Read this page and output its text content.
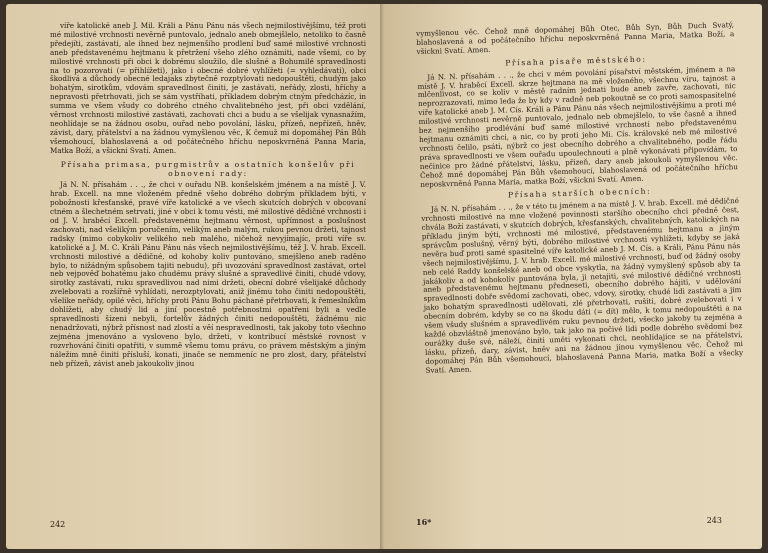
víře katolické aneb J. Mil. Králi a Pánu Pánu nás všech nejmilostivějšímu, též proti mé milostivé vrchnosti nevěrně puntovalo, jednalo aneb obmejšlelo, netoliko to časně předejíti, zastávati, ale ihned bez nejmenšího prodlení buď samé milostivé vrchnosti aneb představenému hejtmanu k přetržení všeho zlého oznámiti, nade všemi, co by milostivé vrchnosti při obci k dobrému sloužilo, dle slušné a Bohumilé spravedlnosti na to pozorovati (= přihlížeti), jako i obecné dobré vyhlížeti (= vyhledávati), obci škodlivá a důchody obecné ledajaks zbytečně rozptylovati nedopouštěti, chudým jako bohatým, sirotkům, vdovám spravedlnost činiti, je zastávati, neřády, zlosti, hříchy a nepravosti přetrhovati, jich se sám vystříhati, příkladem dobrým ctným předcházíc, in summa ve všem všudy co dobrého ctného chvalitebného jest, při obci vzdělání, věrnost vrchnosti milostivé zastávati, zachovati chci a budu a se všelijak vynasnažím, neohlídaje se na žádnou osobu, ouřad nebo povolání, lásku, přízeň, nepřízeň, hněv, závist, dary, přátelství a na žádnou vymyšlenou věc, K čemuž mi dopomáhej Pán Bůh všemohoucí, blahoslavená a od počátečného hříchu neposkvrněná Panna Maria, Matka Boží, a všickni Svatí. Amen.

Přísaha primasa, purgmistrův a ostatních konšelův při obnovení rady:

Já N. N. přísahám . . ., že chci v ouřadu NB. konšelském jménem a na místě J. V. hrab. Excell. na mne vloženém předně všeho dobrého dobrým příkladem býti, v pobožnosti křesťanské, pravé víře katolické a ve všech skutcích dobrých v obcovaní ctném a šlechetném setrvati, jiné v obci k tomu vésti, mé milostivé dědičné vrchnosti i od J. V. hraběcí Excell. představenému hejtmanu věrnost, upřímnost a poslušnost zachovati, nad všelikým poručením, velikým aneb malým, rukou pevnou držeti, tajnost radsky (mimo cobykoliv velikého neb malého, ničehož nevyjímajíc, proti víře sv. katolické a J. M. C. Králi Pánu Pánu nás všech nejmilostivějšímu, též J. V. hrab. Excell. vrchnosti milostivé a dědičné, od kohoby koliv puntováno, smejšleno aneb raděno bylo, to nižádným spůsobem tajiti nebudu), při uvozování spravedlnost zastávat, ortel neb vejpověď bohatému jako chudému právy slušné a spravedlivé činiti, chudé vdovy, sirotky zastávati, ruku spravedlivou nad nimi držeti, obecní dobré všelijaké důchody zvelebovati a rozšířně vyhlídati, nerozptylovati, aniž jinému toho činiti nedopouštěti, všelike neřády, opilé věci, hříchy proti Pánu Bohu páchané přetrhovati, k řemeslníkům dohlížeti, aby chudý lid a jiní pocestně potřebnostmi opatřeni byli a vedle spravedlnosti šízeni nebyli, fortelův žádných činiti nedopouštěti, žádnému nic nenadržovati, nýbrž přísnost nad zlostí a věí nespravedlnosti, tak jakoby toto všechno zejména jmenováno a vysloveno bylo, držeti, v kontribucí městské rovnost v rozvrhování činiti opatřiti, v summě všemu tomu právu, co právem městským a jiným náležim mně činiti přísluší, konati, jinače se nemmeníc ne pro zlost, dary, přátelství neb přízeň, závist aneb jakoukoliv jinou

242

vymyšlenou věc. Čehož mně dopomáhej Bůh Otec, Bůh Syn, Bůh Duch Svatý, blahoslavená a od počátečního hříchu neposkvrněná Panna Maria, Matka Boží, a všickni Svatí. Amen.

Přísaha písaře městského:

Já N. N. přísahám . . ., že chci v mém povolání písařství městském, jménem a na místě J. V. hraběcí Excell. skrze hejtmana na mě vloženého, všechnu víru, tajnost a mlčenlivost, co se koliv v městě radním jednati bude aneb zavře, zachovati, nic neprozrazovati, mimo leda že by kdy v radně neb pokoutně se co proti samospasitelné víře katolické aneb J. M. Cís. Králi a Pánu Pánu nás všech nejmilostivějšímu a proti mé milostivé vrchnosti nevěrně puntovalo, jednalo neb obmejšlelo, to vše časně a ihned bez nejmenšího prodlévání buď samé milostivé vrchnosti nebo představenému hejtmanu oznámiti chci, a nic, co by proti jeho Mi. Cís. královské neb mé milostivé vrchnosti čelilo, psáti, nýbrž co jest obecního dobrého a chvalitebného, podle řádu práva spravedlnosti ve všem ouřadu upoulechnouti a plně vykonávati připovídám, to nečinice pro žádné přátelství, lásku, přízeň, dary aneb jakoukoli vymyšlenou věc. Čehož mně dopomáhej Pán Bůh všemohoucí, blahoslavená od počátečního hříchu neposkvrněná Panna Maria, matka Boží, všickni Svatí. Amen.

Přísaha starších obecních:

Já N. N. přísahám . . ., že v této tu jménem a na místě J. V. hrab. Excell. mé dědičné vrchnosti milostivé na mne vložené povinnosti staršího obecního chci předně čest, chvála Boží zastávati, v skutcích dobrých, křesťanských, chvalitebných, katolických na příkladu jiným býti, vrchnosti mé milostivé, představenému hejtmanu a jiným správcům poslušný, věrný býti, dobrého milostivé vrchnosti vyhlížeti, kdyby se jaká nevěra buď proti samé spasitelné víře katolické aneb J. M. Cís. a Králi, Pánu Pánu nás všech nejmilostivějšímu, J. V. hrab. Excell. mé milostivé vrchnosti, buď od žádný osoby neb celé Raddy konšelské aneb od obce vyskytla, na žádný vymyšlený spůsob aby ta jakákoliv a od kohokoliv puntována byla, ji netajiti, své milostivé dědičné vrchnosti aneb představenému hejtmanu předneseti, obecního dobrého hájiti, v udělování spravedlnosti dobře svědomí zachovati, obec, vdovy, sirotky, chudé lidi zastávati a jim jako bohatým spravedlnosti udělovati, zlé přetrhovati, rušiti, dobré zvelebovati i v obecním dobrém, kdyby se co na škodu dáti (= dít) mělo, k tomu nedopouštěti a na všem všudy slušném a spravedlivém ruku pevnou držeti, všecko jakoby tu zejména a každé obzvláštně jmenováno bylo, tak jako na počivé lidi podle dobrého svědomí bez ourážky duše své, náleží, činiti uměti vykonati chci, neohlídajíce se na přátelství, lásku, přízeň, dary, závist, hněv ani na žádnou jinou vymyšlenou věc. Čehož mi dopomáhej Pán Bůh všemohoucí, blahoslavená Panna Maria, matka Boží a všecky Svatí. Amen.

16*	243
